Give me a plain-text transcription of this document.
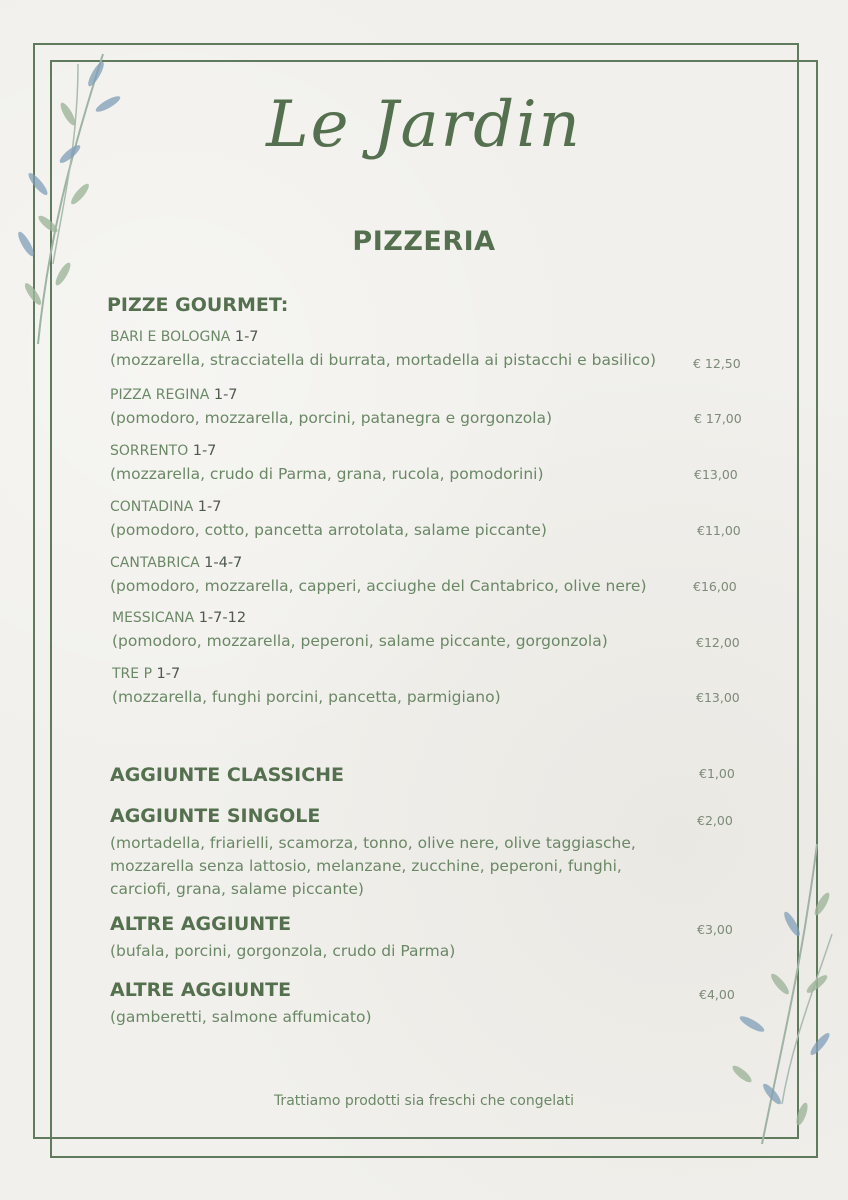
Le Jardin
PIZZERIA
PIZZE GOURMET:
BARI E BOLOGNA 1-7
(mozzarella, stracciatella di burrata, mortadella ai pistacchi e basilico)	€ 12,50
PIZZA REGINA 1-7
(pomodoro, mozzarella, porcini, patanegra e gorgonzola)	€ 17,00
SORRENTO 1-7
(mozzarella, crudo di Parma, grana, rucola, pomodorini)	€13,00
CONTADINA 1-7
(pomodoro, cotto, pancetta arrotolata, salame piccante)	€11,00
CANTABRICA 1-4-7
(pomodoro, mozzarella, capperi, acciughe del Cantabrico, olive nere)	€16,00
MESSICANA 1-7-12
(pomodoro, mozzarella, peperoni, salame piccante, gorgonzola)	€12,00
TRE P 1-7
(mozzarella, funghi porcini, pancetta, parmigiano)	€13,00
AGGIUNTE CLASSICHE	€1,00
AGGIUNTE SINGOLE	€2,00
(mortadella, friarielli, scamorza, tonno, olive nere, olive taggiasche,
mozzarella senza lattosio, melanzane, zucchine, peperoni, funghi,
carciofi, grana, salame piccante)
ALTRE AGGIUNTE	€3,00
(bufala, porcini, gorgonzola, crudo di Parma)
ALTRE AGGIUNTE	€4,00
(gamberetti, salmone affumicato)
Trattiamo prodotti sia freschi che congelati
